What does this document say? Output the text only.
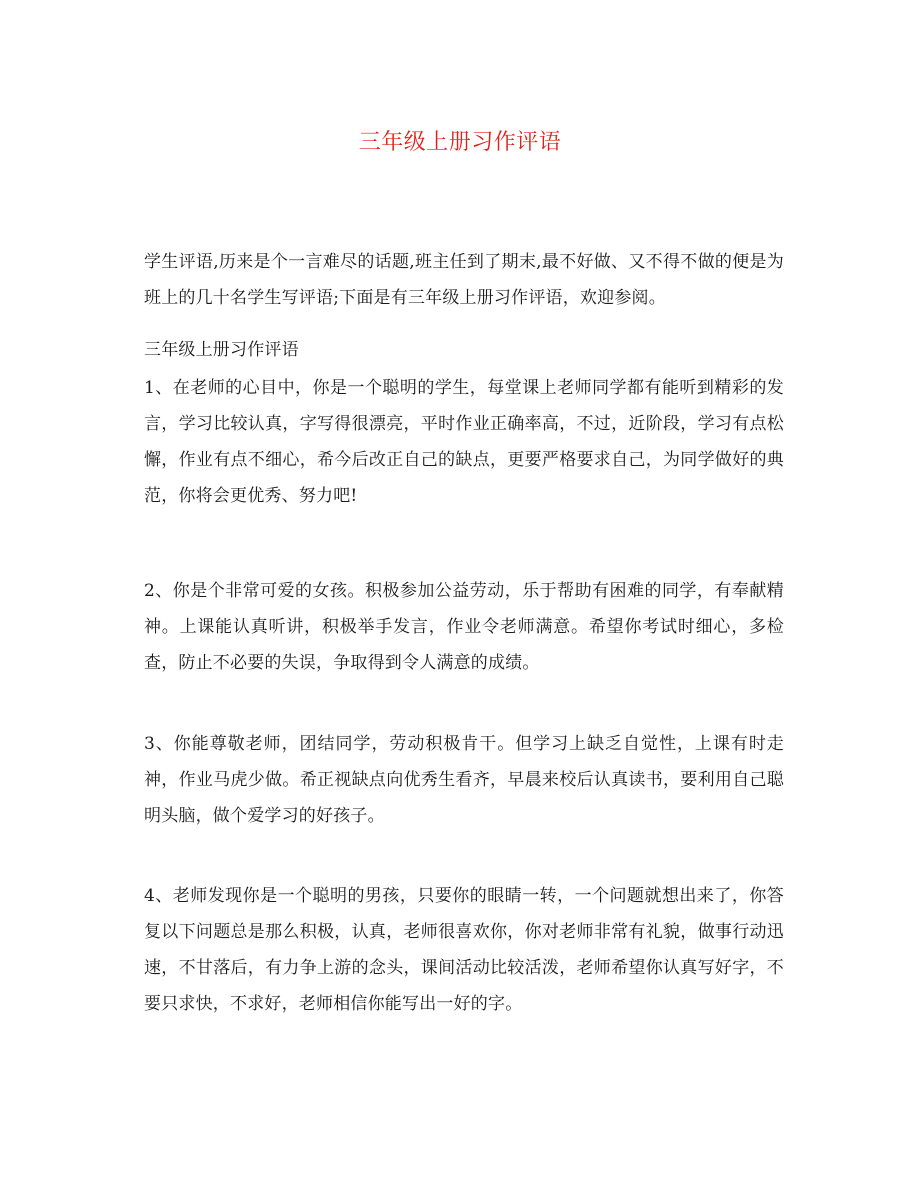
三年级上册习作评语

学生评语,历来是个一言难尽的话题,班主任到了期末,最不好做、又不得不做的便是为班上的几十名学生写评语;下面是有三年级上册习作评语，欢迎参阅。

三年级上册习作评语

1、在老师的心目中，你是一个聪明的学生，每堂课上老师同学都有能听到精彩的发言，学习比较认真，字写得很漂亮，平时作业正确率高，不过，近阶段，学习有点松懈，作业有点不细心，希今后改正自己的缺点，更要严格要求自己，为同学做好的典范，你将会更优秀、努力吧!

2、你是个非常可爱的女孩。积极参加公益劳动，乐于帮助有困难的同学，有奉献精神。上课能认真听讲，积极举手发言，作业令老师满意。希望你考试时细心，多检查，防止不必要的失误，争取得到令人满意的成绩。

3、你能尊敬老师，团结同学，劳动积极肯干。但学习上缺乏自觉性，上课有时走神，作业马虎少做。希正视缺点向优秀生看齐，早晨来校后认真读书，要利用自己聪明头脑，做个爱学习的好孩子。

4、老师发现你是一个聪明的男孩，只要你的眼睛一转，一个问题就想出来了，你答复以下问题总是那么积极，认真，老师很喜欢你，你对老师非常有礼貌，做事行动迅速，不甘落后，有力争上游的念头，课间活动比较活泼，老师希望你认真写好字，不要只求快，不求好，老师相信你能写出一好的字。
